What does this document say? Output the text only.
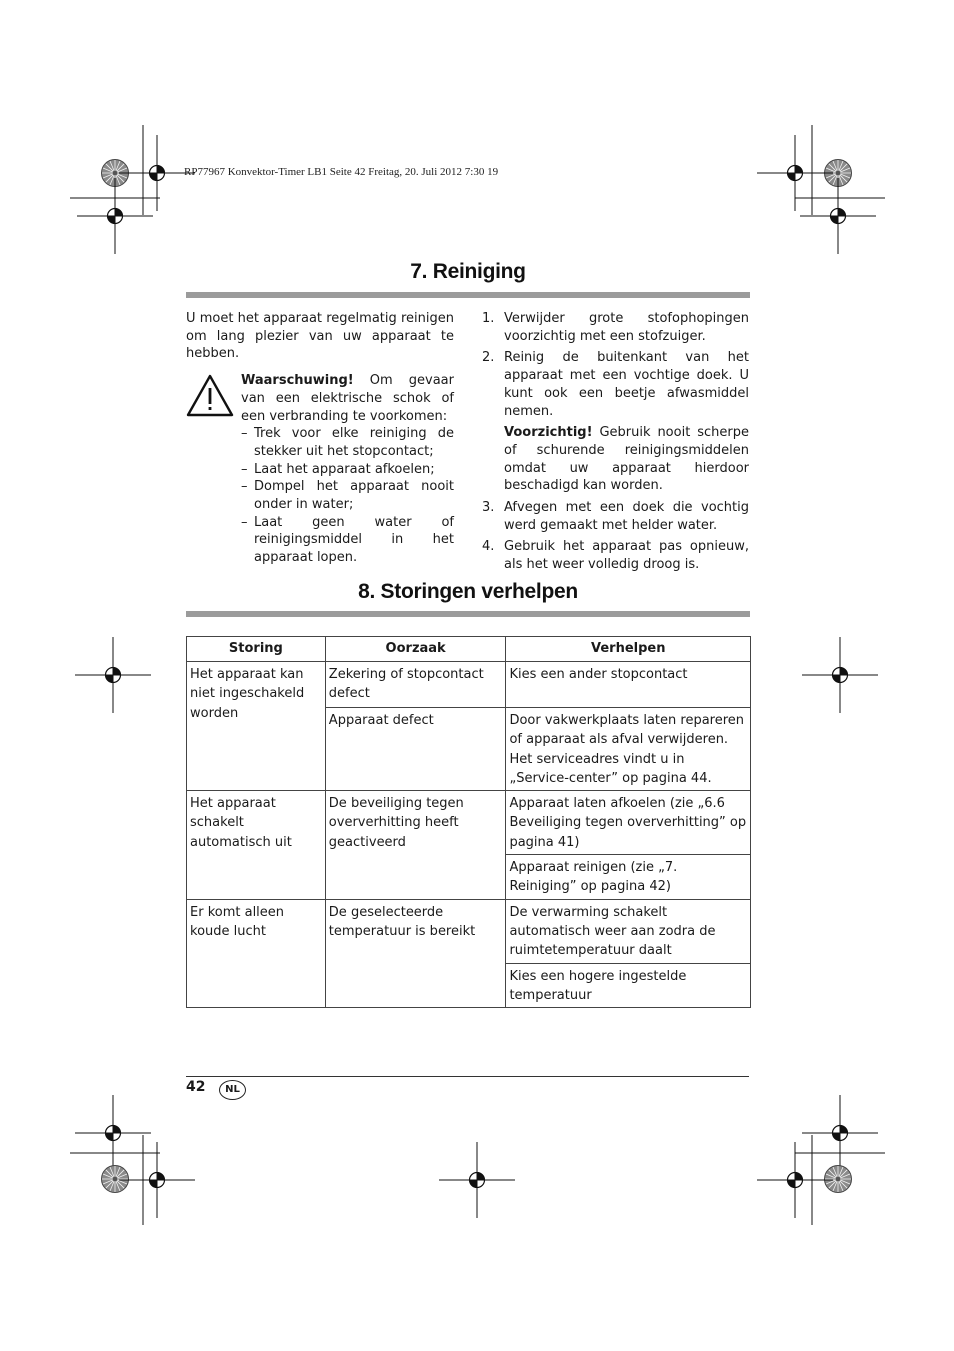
RP77967 Konvektor-Timer LB1 Seite 42 Freitag, 20. Juli 2012 7:30 19
7. Reiniging

U moet het apparaat regelmatig reinigen om lang plezier van uw apparaat te hebben.

Waarschuwing! Om gevaar van een elektrische schok of een verbranding te voorkomen:

– Trek voor elke reiniging de stekker uit het stopcontact;
– Laat het apparaat afkoelen;
– Dompel het apparaat nooit onder in water;
– Laat geen water of reinigingsmiddel in het apparaat lopen.
1. Verwijder grote stofophopingen voorzichtig met een stofzuiger.
2. Reinig de buitenkant van het apparaat met een vochtige doek. U kunt ook een beetje afwasmiddel nemen.

Voorzichtig! Gebruik nooit scherpe of schurende reinigingsmiddelen omdat uw apparaat hierdoor beschadigd kan worden.

3. Afvegen met een doek die vochtig werd gemaakt met helder water.
4. Gebruik het apparaat pas opnieuw, als het weer volledig droog is.
8. Storingen verhelpen
Storing	Oorzaak	Verhelpen
Het apparaat kan niet ingeschakeld worden	Zekering of stopcontact defect	Kies een ander stopcontact
	Apparaat defect	Door vakwerkplaats laten repareren of apparaat als afval verwijderen. Het serviceadres vindt u in „Service-center” op pagina 44.
Het apparaat schakelt automatisch uit	De beveiliging tegen oververhitting heeft geactiveerd	Apparaat laten afkoelen (zie „6.6 Beveiliging tegen oververhitting” op pagina 41)
		Apparaat reinigen (zie „7. Reiniging” op pagina 42)
Er komt alleen koude lucht	De geselecteerde temperatuur is bereikt	De verwarming schakelt automatisch weer aan zodra de ruimtetemperatuur daalt
		Kies een hogere ingestelde temperatuur
42	NL
